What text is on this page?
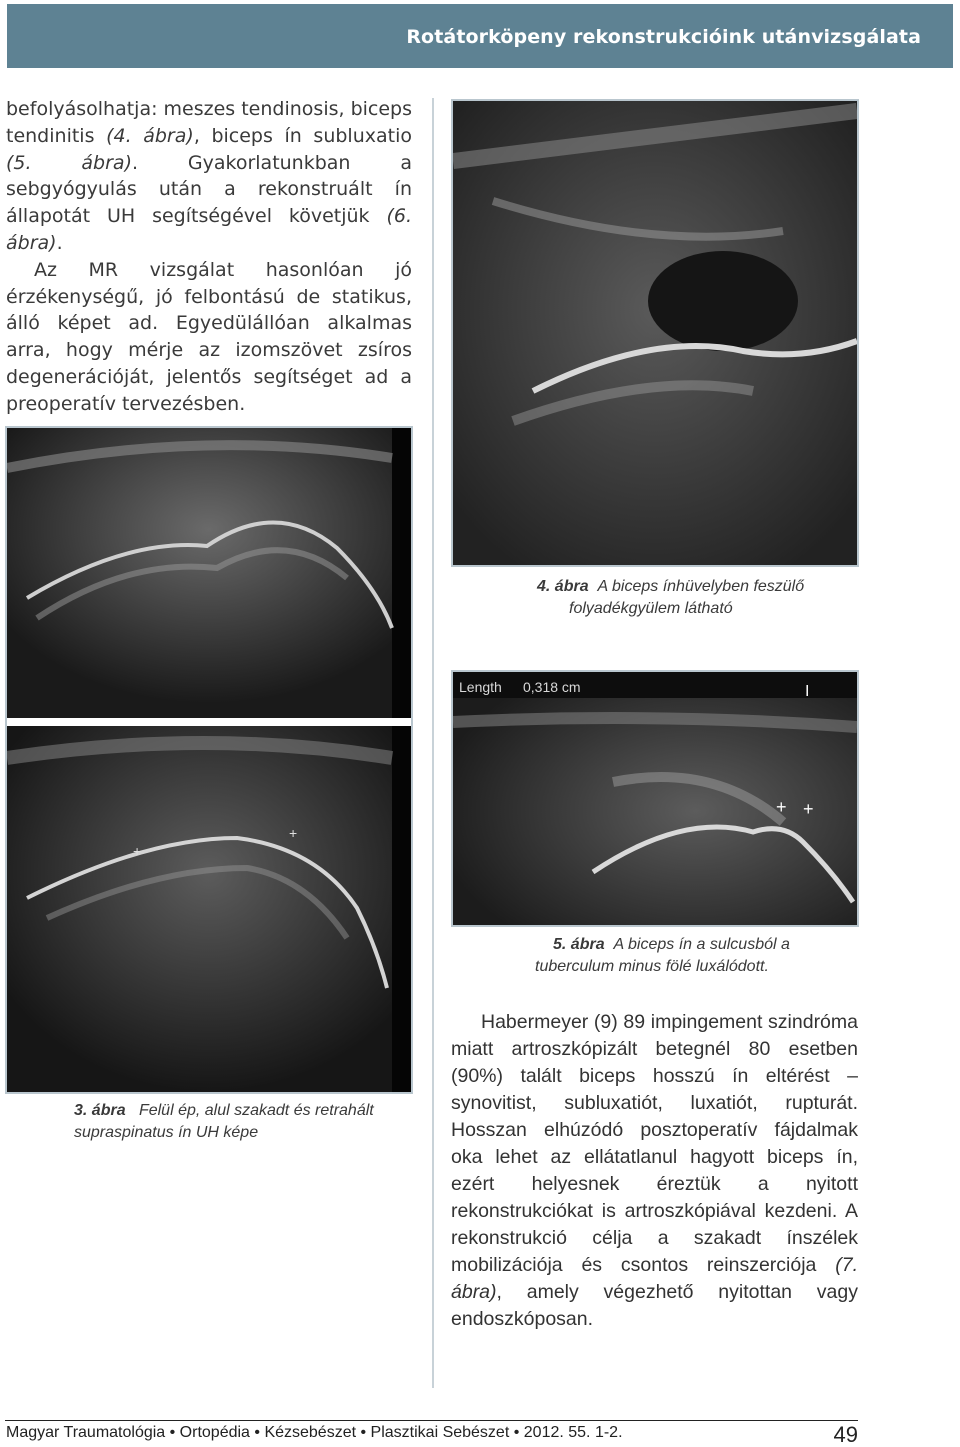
Rotátorköpeny rekonstrukcióink utánvizsgálata

befolyásolhatja: meszes tendinosis, biceps tendinitis (4. ábra), biceps ín subluxatio (5. ábra). Gyakorlatunkban a sebgyógyulás után a rekonstruált ín állapotát UH segítségével követjük (6. ábra).

Az MR vizsgálat hasonlóan jó érzékenységű, jó felbontású de statikus, álló képet ad. Egyedülállóan alkalmas arra, hogy mérje az izomszövet zsíros degenerációját, jelentős segítséget ad a preoperatív tervezésben.

+
+
3. ábra Felül ép, alul szakadt és retrahált supraspinatus ín UH képe
4. ábra A biceps ínhüvelyben feszülő
folyadékgyülem látható
Length 0,318 cm
+ +
I
5. ábra A biceps ín a sulcusból a
tuberculum minus fölé luxálódott.

Habermeyer (9) 89 impingement szindróma miatt artroszkópizált betegnél 80 esetben (90%) talált biceps hosszú ín eltérést – synovitist, subluxatiót, luxatiót, rupturát. Hosszan elhúzódó posztoperatív fájdalmak oka lehet az ellátatlanul hagyott biceps ín, ezért helyesnek éreztük a nyitott rekonstrukciókat is artroszkópiával kezdeni. A rekonstrukció célja a szakadt ínszélek mobilizációja és csontos reinszerciója (7. ábra), amely végezhető nyitottan vagy endoszkóposan.

Magyar Traumatológia • Ortopédia • Kézsebészet • Plasztikai Sebészet • 2012. 55. 1-2.	49
